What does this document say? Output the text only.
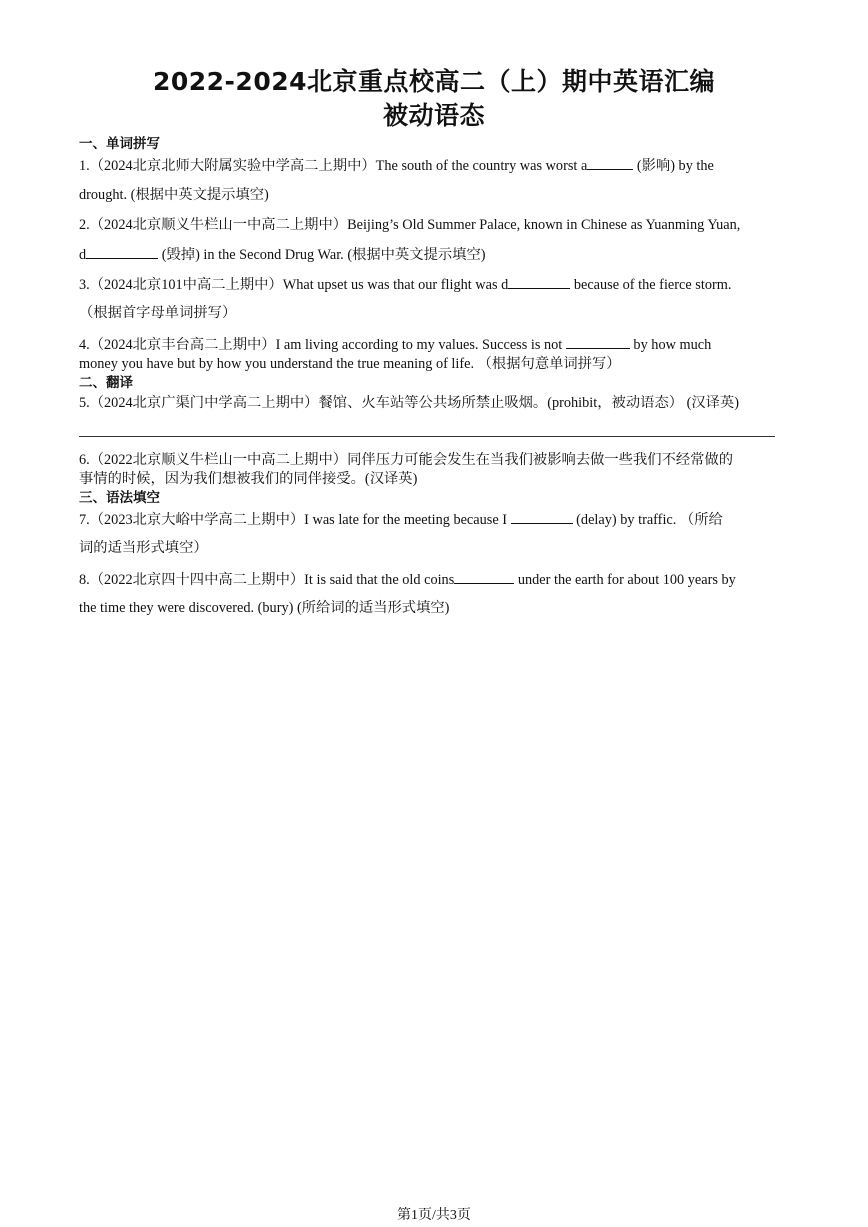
2022-2024北京重点校高二（上）期中英语汇编
被动语态
一、单词拼写
1.（2024北京北师大附属实验中学高二上期中）The south of the country was worst a	(影响) by the
drought. (根据中英文提示填空)
2.（2024北京顺义牛栏山一中高二上期中）Beijing’s Old Summer Palace, known in Chinese as Yuanming Yuan,
d	(毁掉) in the Second Drug War. (根据中英文提示填空)
3.（2024北京101中高二上期中）What upset us was that our flight was d	because of the fierce storm.
（根据首字母单词拼写）
4.（2024北京丰台高二上期中）I am living according to my values. Success is not	by how much
money you have but by how you understand the true meaning of life. （根据句意单词拼写）
二、翻译
5.（2024北京广渠门中学高二上期中）餐馆、火车站等公共场所禁止吸烟。(prohibit，被动语态） (汉译英)
6.（2022北京顺义牛栏山一中高二上期中）同伴压力可能会发生在当我们被影响去做一些我们不经常做的
事情的时候，因为我们想被我们的同伴接受。(汉译英)
三、语法填空
7.（2023北京大峪中学高二上期中）I was late for the meeting because I	(delay) by traffic. （所给
词的适当形式填空）
8.（2022北京四十四中高二上期中）It is said that the old coins	under the earth for about 100 years by
the time they were discovered. (bury) (所给词的适当形式填空)
第1页/共3页
